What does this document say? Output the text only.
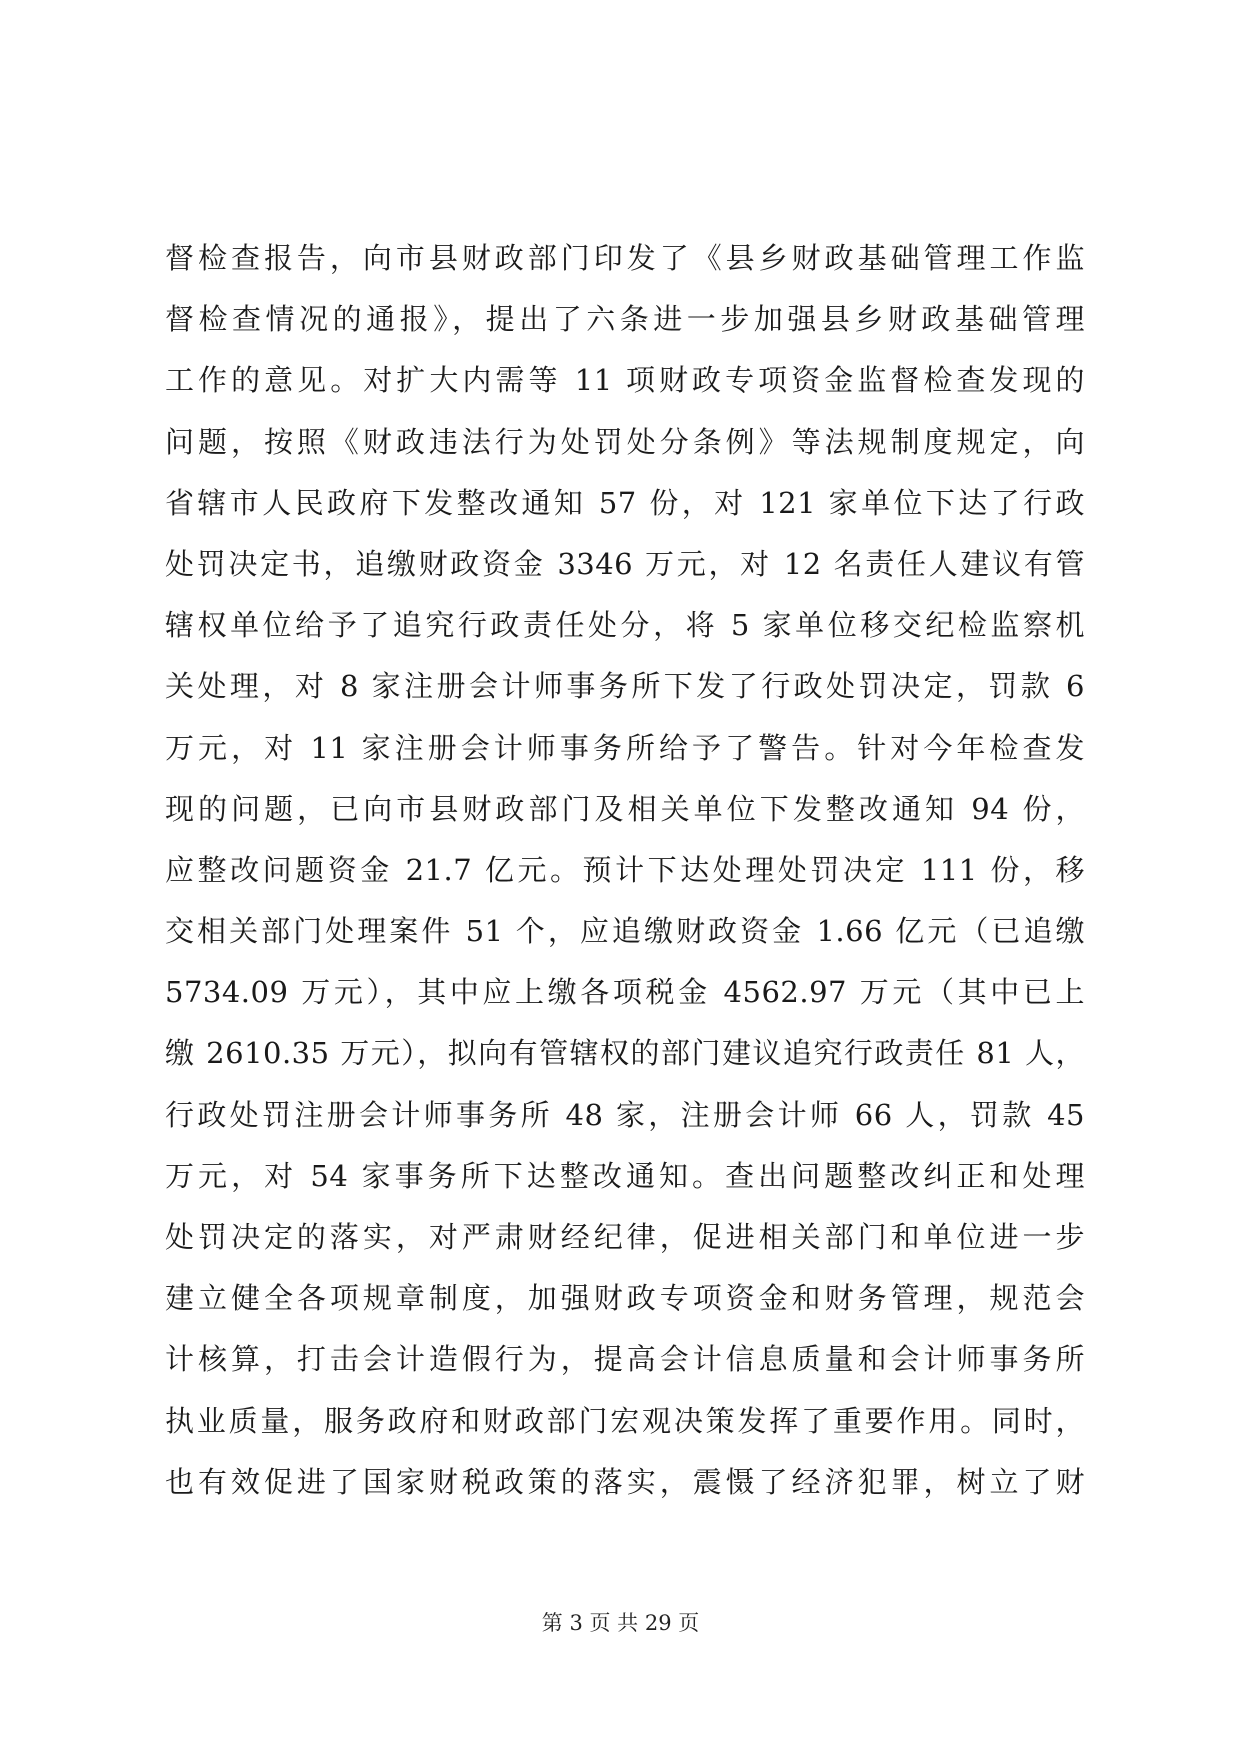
督检查报告，向市县财政部门印发了《县乡财政基础管理工作监
督检查情况的通报》，提出了六条进一步加强县乡财政基础管理
工作的意见。对扩大内需等 11 项财政专项资金监督检查发现的
问题，按照《财政违法行为处罚处分条例》等法规制度规定，向
省辖市人民政府下发整改通知 57 份，对 121 家单位下达了行政
处罚决定书，追缴财政资金 3346 万元，对 12 名责任人建议有管
辖权单位给予了追究行政责任处分，将 5 家单位移交纪检监察机
关处理，对 8 家注册会计师事务所下发了行政处罚决定，罚款 6
万元，对 11 家注册会计师事务所给予了警告。针对今年检查发
现的问题，已向市县财政部门及相关单位下发整改通知 94 份，
应整改问题资金 21.7 亿元。预计下达处理处罚决定 111 份，移
交相关部门处理案件 51 个，应追缴财政资金 1.66 亿元（已追缴
5734.09 万元），其中应上缴各项税金 4562.97 万元（其中已上
缴 2610.35 万元），拟向有管辖权的部门建议追究行政责任 81 人，
行政处罚注册会计师事务所 48 家，注册会计师 66 人，罚款 45
万元，对 54 家事务所下达整改通知。查出问题整改纠正和处理
处罚决定的落实，对严肃财经纪律，促进相关部门和单位进一步
建立健全各项规章制度，加强财政专项资金和财务管理，规范会
计核算，打击会计造假行为，提高会计信息质量和会计师事务所
执业质量，服务政府和财政部门宏观决策发挥了重要作用。同时，
也有效促进了国家财税政策的落实，震慑了经济犯罪，树立了财
第 3 页 共 29 页
